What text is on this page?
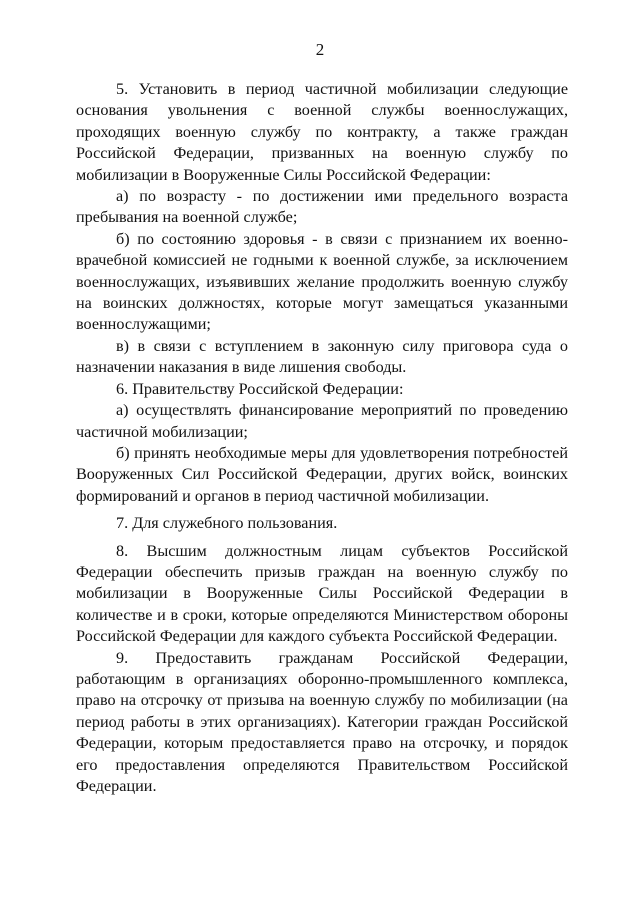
2

5. Установить в период частичной мобилизации следующие основания увольнения с военной службы военнослужащих, проходящих военную службу по контракту, а также граждан Российской Федерации, призванных на военную службу по мобилизации в Вооруженные Силы Российской Федерации:

а) по возрасту - по достижении ими предельного возраста пребывания на военной службе;

б) по состоянию здоровья - в связи с признанием их военно-врачебной комиссией не годными к военной службе, за исключением военнослужащих, изъявивших желание продолжить военную службу на воинских должностях, которые могут замещаться указанными военнослужащими;

в) в связи с вступлением в законную силу приговора суда о назначении наказания в виде лишения свободы.

6. Правительству Российской Федерации:

а) осуществлять финансирование мероприятий по проведению частичной мобилизации;

б) принять необходимые меры для удовлетворения потребностей Вооруженных Сил Российской Федерации, других войск, воинских формирований и органов в период частичной мобилизации.

7. Для служебного пользования.

8. Высшим должностным лицам субъектов Российской Федерации обеспечить призыв граждан на военную службу по мобилизации в Вооруженные Силы Российской Федерации в количестве и в сроки, которые определяются Министерством обороны Российской Федерации для каждого субъекта Российской Федерации.

9. Предоставить гражданам Российской Федерации, работающим в организациях оборонно-промышленного комплекса, право на отсрочку от призыва на военную службу по мобилизации (на период работы в этих организациях). Категории граждан Российской Федерации, которым предоставляется право на отсрочку, и порядок его предоставления определяются Правительством Российской Федерации.
